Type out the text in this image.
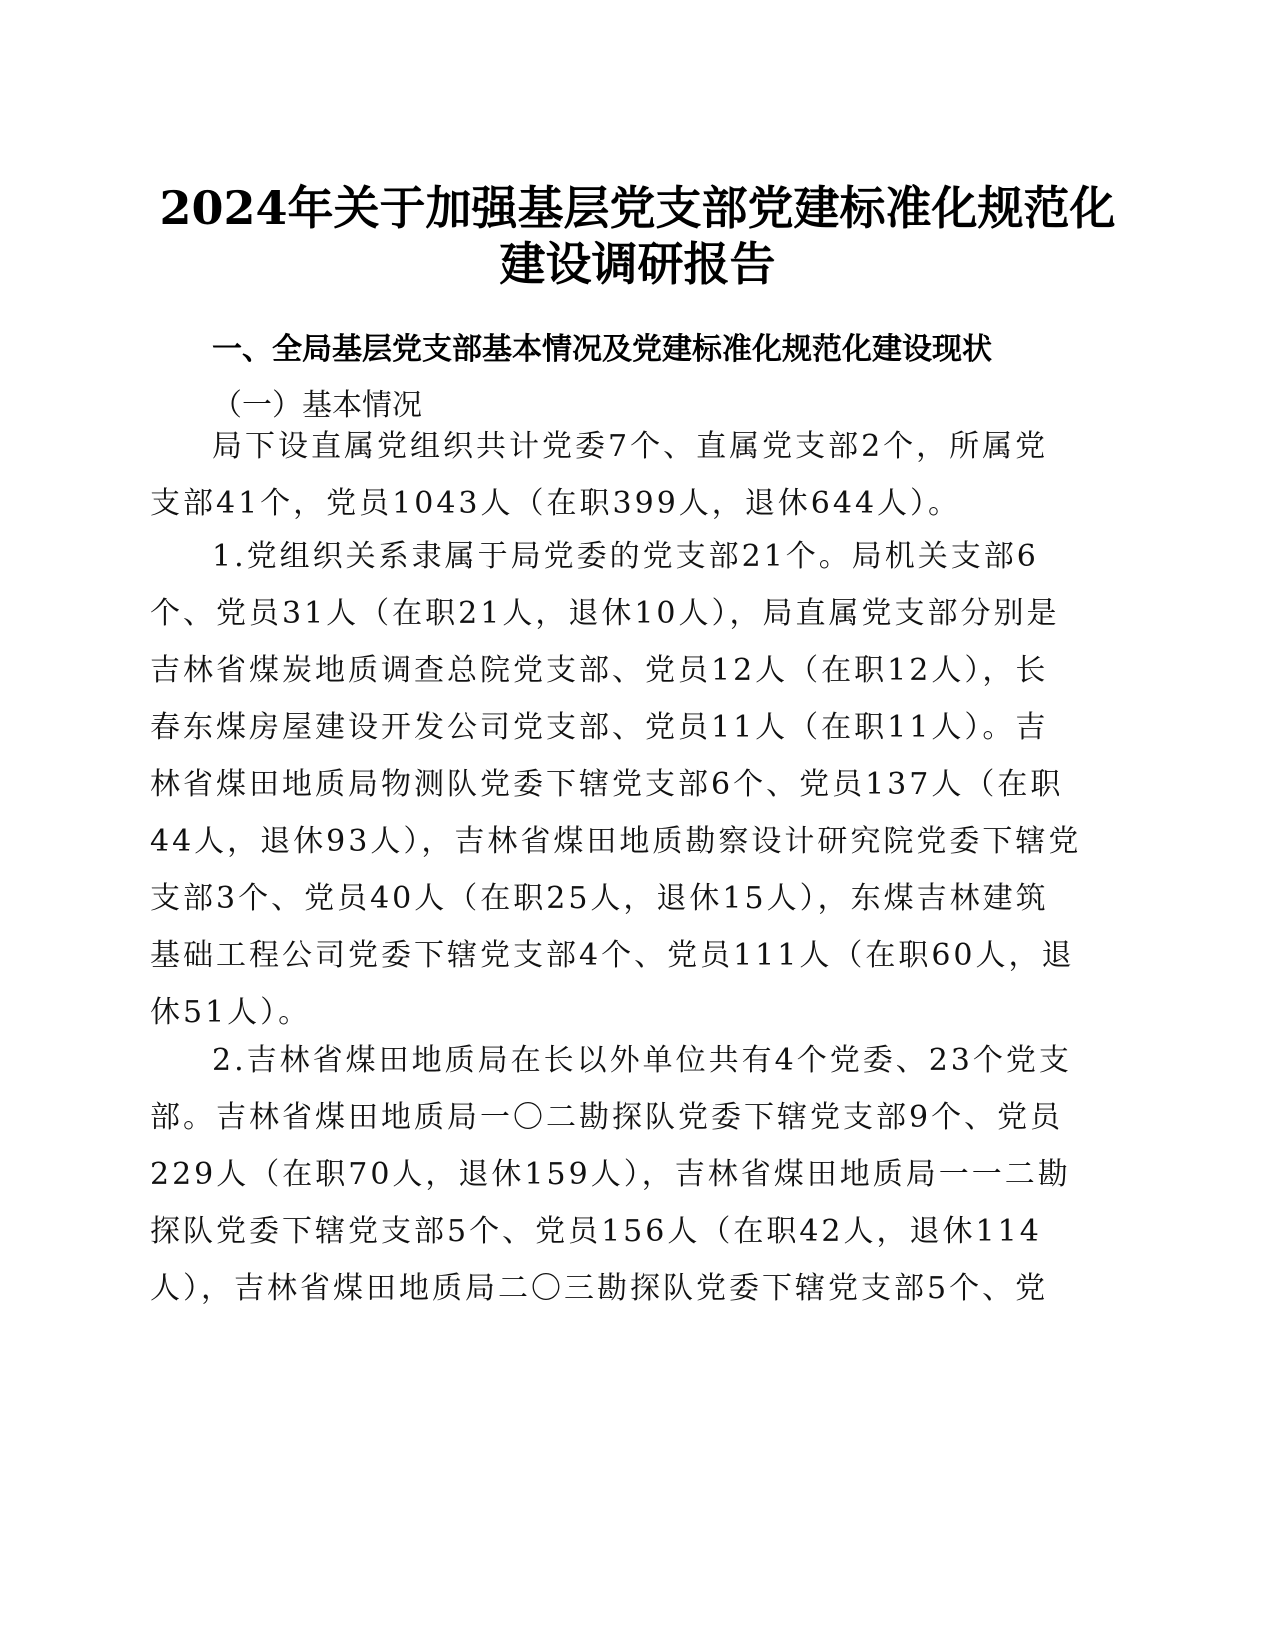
2024年关于加强基层党支部党建标准化规范化
建设调研报告
一、全局基层党支部基本情况及党建标准化规范化建设现状
（一）基本情况
局下设直属党组织共计党委7个、直属党支部2个，所属党
支部41个，党员1043人（在职399人，退休644人）。
1.党组织关系隶属于局党委的党支部21个。局机关支部6
个、党员31人（在职21人，退休10人），局直属党支部分别是
吉林省煤炭地质调查总院党支部、党员12人（在职12人），长
春东煤房屋建设开发公司党支部、党员11人（在职11人）。吉
林省煤田地质局物测队党委下辖党支部6个、党员137人（在职
44人，退休93人），吉林省煤田地质勘察设计研究院党委下辖党
支部3个、党员40人（在职25人，退休15人），东煤吉林建筑
基础工程公司党委下辖党支部4个、党员111人（在职60人，退
休51人）。
2.吉林省煤田地质局在长以外单位共有4个党委、23个党支
部。吉林省煤田地质局一〇二勘探队党委下辖党支部9个、党员
229人（在职70人，退休159人），吉林省煤田地质局一一二勘
探队党委下辖党支部5个、党员156人（在职42人，退休114
人），吉林省煤田地质局二〇三勘探队党委下辖党支部5个、党
